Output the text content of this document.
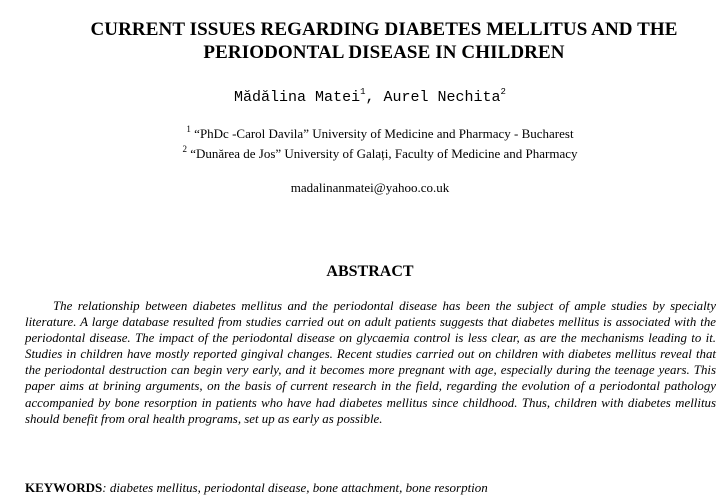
CURRENT ISSUES REGARDING DIABETES MELLITUS AND THE
PERIODONTAL DISEASE IN CHILDREN
Mădălina Matei$^1$, Aurel Nechita$^2$
$^1$ “PhDc -Carol Davila” University of Medicine and Pharmacy - Bucharest
$^2$ “Dunărea de Jos” University of Galați, Faculty of Medicine and Pharmacy
madalinanmatei@yahoo.co.uk
ABSTRACT
The relationship between diabetes mellitus and the periodontal disease has been the subject of ample studies by specialty literature. A large database resulted from studies carried out on adult patients suggests that diabetes mellitus is associated with the periodontal disease. The impact of the periodontal disease on glycaemia control is less clear, as are the mechanisms leading to it. Studies in children have mostly reported gingival changes. Recent studies carried out on children with diabetes mellitus reveal that the periodontal destruction can begin very early, and it becomes more pregnant with age, especially during the teenage years. This paper aims at brining arguments, on the basis of current research in the field, regarding the evolution of a periodontal pathology accompanied by bone resorption in patients who have had diabetes mellitus since childhood. Thus, children with diabetes mellitus should benefit from oral health programs, set up as early as possible.
KEYWORDS: diabetes mellitus, periodontal disease, bone attachment, bone resorption
